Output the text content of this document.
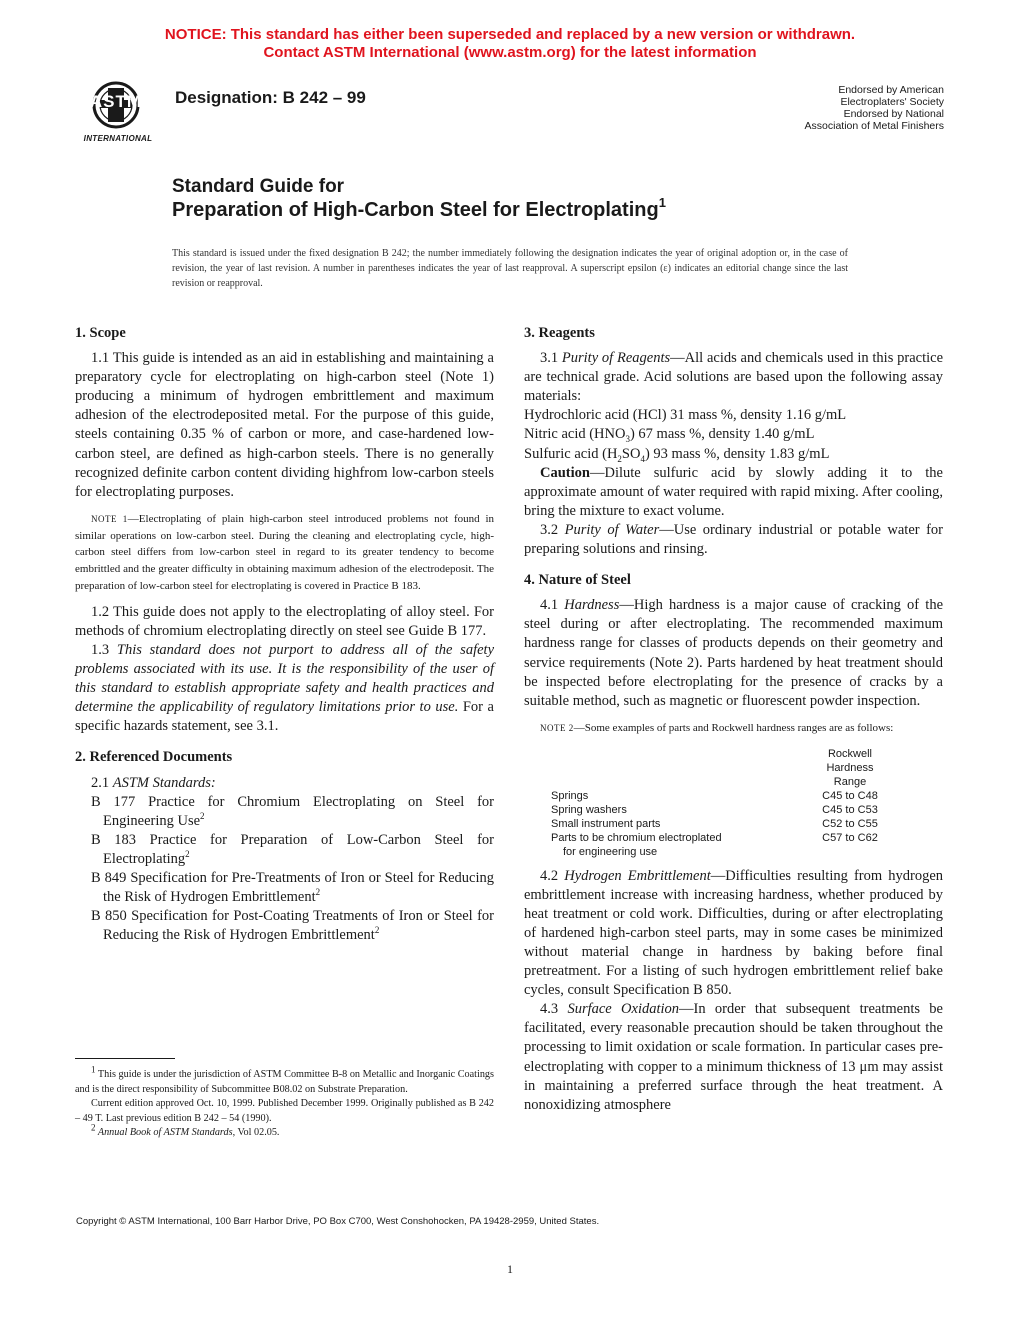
NOTICE: This standard has either been superseded and replaced by a new version or withdrawn.
Contact ASTM International (www.astm.org) for the latest information
ASTM
INTERNATIONAL
Designation: B 242 – 99	Endorsed by American
Electroplaters' Society
Endorsed by National
Association of Metal Finishers
Standard Guide for
Preparation of High-Carbon Steel for Electroplating$^1$
This standard is issued under the fixed designation B 242; the number immediately following the designation indicates the year of original adoption or, in the case of revision, the year of last revision. A number in parentheses indicates the year of last reapproval. A superscript epsilon (ε) indicates an editorial change since the last revision or reapproval.

1. Scope

1.1 This guide is intended as an aid in establishing and maintaining a preparatory cycle for electroplating on high-carbon steel (Note 1) producing a minimum of hydrogen embrittlement and maximum adhesion of the electrodeposited metal. For the purpose of this guide, steels containing 0.35 % of carbon or more, and case-hardened low-carbon steel, are defined as high-carbon steels. There is no generally recognized definite carbon content dividing highfrom low-carbon steels for electroplating purposes.

NOTE 1—Electroplating of plain high-carbon steel introduced problems not found in similar operations on low-carbon steel. During the cleaning and electroplating cycle, high-carbon steel differs from low-carbon steel in regard to its greater tendency to become embrittled and the greater difficulty in obtaining maximum adhesion of the electrodeposit. The preparation of low-carbon steel for electroplating is covered in Practice B 183.

1.2 This guide does not apply to the electroplating of alloy steel. For methods of chromium electroplating directly on steel see Guide B 177.

1.3 This standard does not purport to address all of the safety problems associated with its use. It is the responsibility of the user of this standard to establish appropriate safety and health practices and determine the applicability of regulatory limitations prior to use. For a specific hazards statement, see 3.1.

2. Referenced Documents

2.1 ASTM Standards:

B 177 Practice for Chromium Electroplating on Steel for Engineering Use$^2$

B 183 Practice for Preparation of Low-Carbon Steel for Electroplating$^2$

B 849 Specification for Pre-Treatments of Iron or Steel for Reducing the Risk of Hydrogen Embrittlement$^2$

B 850 Specification for Post-Coating Treatments of Iron or Steel for Reducing the Risk of Hydrogen Embrittlement$^2$

$^1$ This guide is under the jurisdiction of ASTM Committee B-8 on Metallic and Inorganic Coatings and is the direct responsibility of Subcommittee B08.02 on Substrate Preparation.

Current edition approved Oct. 10, 1999. Published December 1999. Originally published as B 242 – 49 T. Last previous edition B 242 – 54 (1990).

$^2$ Annual Book of ASTM Standards, Vol 02.05.

3. Reagents

3.1 Purity of Reagents—All acids and chemicals used in this practice are technical grade. Acid solutions are based upon the following assay materials:

Hydrochloric acid (HCl) 31 mass %, density 1.16 g/mL

Nitric acid $(HNO_3)$ 67 mass %, density 1.40 g/mL

Sulfuric acid $(H_2SO_4)$ 93 mass %, density 1.83 g/mL

Caution—Dilute sulfuric acid by slowly adding it to the approximate amount of water required with rapid mixing. After cooling, bring the mixture to exact volume.

3.2 Purity of Water—Use ordinary industrial or potable water for preparing solutions and rinsing.

4. Nature of Steel

4.1 Hardness—High hardness is a major cause of cracking of the steel during or after electroplating. The recommended maximum hardness range for classes of products depends on their geometry and service requirements (Note 2). Parts hardened by heat treatment should be inspected before electroplating for the presence of cracks by a suitable method, such as magnetic or fluorescent powder inspection.

NOTE 2—Some examples of parts and Rockwell hardness ranges are as follows:

	Rockwell Hardness Range
Springs	C45 to C48
Spring washers	C45 to C53
Small instrument parts	C52 to C55
Parts to be chromium electroplated
for engineering use	C57 to C62

4.2 Hydrogen Embrittlement—Difficulties resulting from hydrogen embrittlement increase with increasing hardness, whether produced by heat treatment or cold work. Difficulties, during or after electroplating of hardened high-carbon steel parts, may in some cases be minimized without material change in hardness by baking before final pretreatment. For a listing of such hydrogen embrittlement relief bake cycles, consult Specification B 850.

4.3 Surface Oxidation—In order that subsequent treatments be facilitated, every reasonable precaution should be taken throughout the processing to limit oxidation or scale formation. In particular cases pre-electroplating with copper to a minimum thickness of 13 μm may assist in maintaining a preferred surface through the heat treatment. A nonoxidizing atmosphere

Copyright © ASTM International, 100 Barr Harbor Drive, PO Box C700, West Conshohocken, PA 19428-2959, United States.
1
